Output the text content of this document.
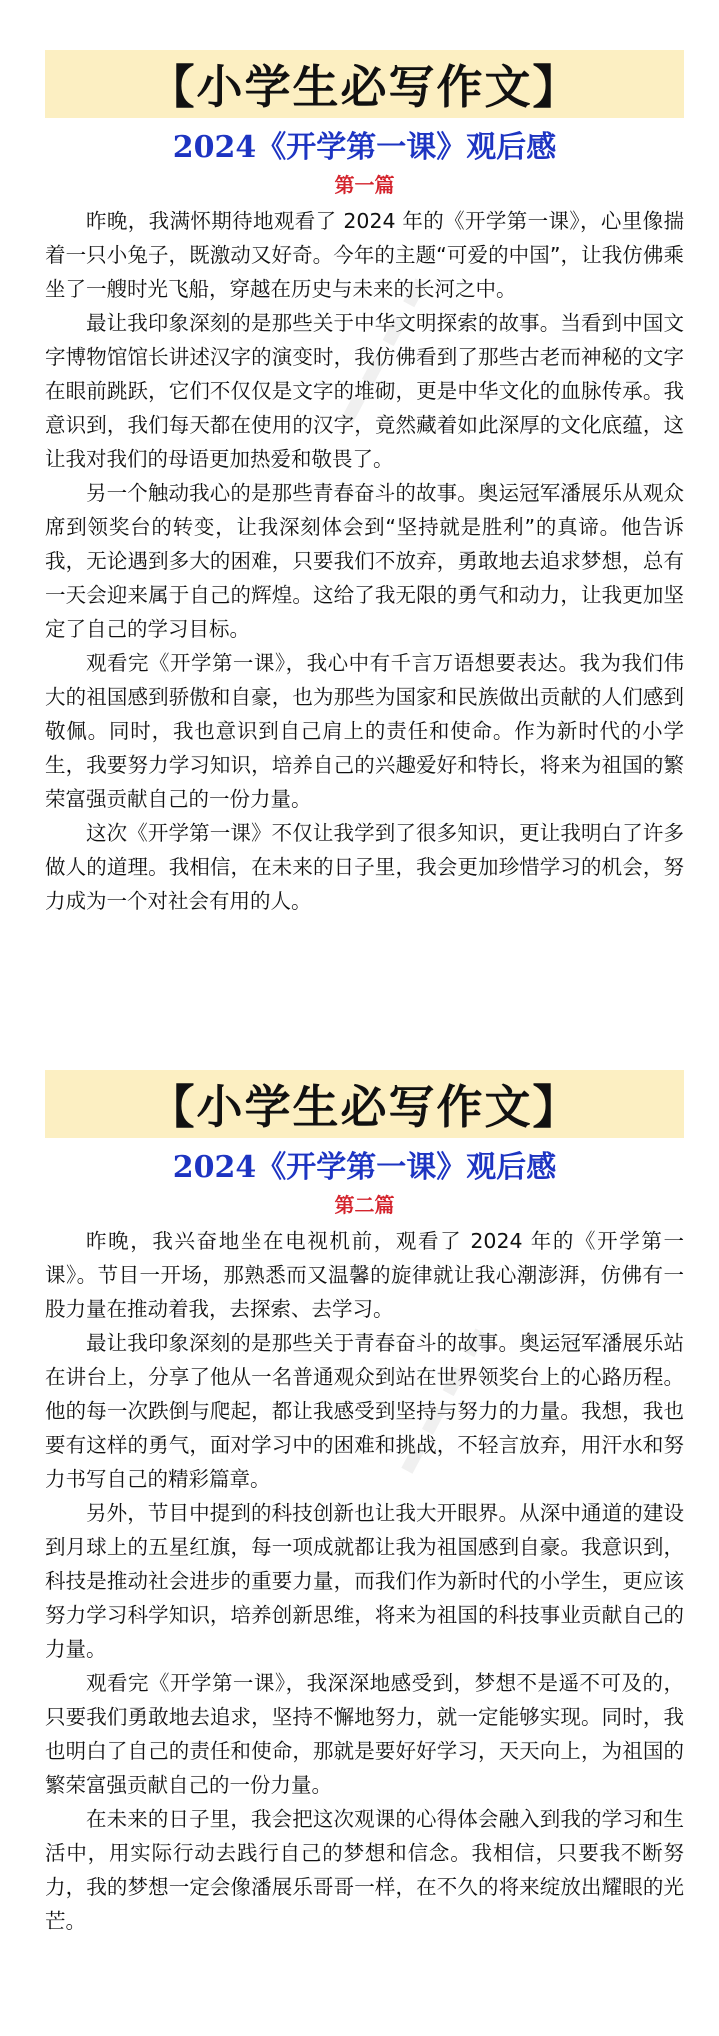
▬ ▬ ▬ ▬
▬ ▬ ▬ ▬
【小学生必写作文】
2024《开学第一课》观后感
第一篇

昨晚，我满怀期待地观看了 2024 年的《开学第一课》，心里像揣着一只小兔子，既激动又好奇。今年的主题“可爱的中国”，让我仿佛乘坐了一艘时光飞船，穿越在历史与未来的长河之中。

最让我印象深刻的是那些关于中华文明探索的故事。当看到中国文字博物馆馆长讲述汉字的演变时，我仿佛看到了那些古老而神秘的文字在眼前跳跃，它们不仅仅是文字的堆砌，更是中华文化的血脉传承。我意识到，我们每天都在使用的汉字，竟然藏着如此深厚的文化底蕴，这让我对我们的母语更加热爱和敬畏了。

另一个触动我心的是那些青春奋斗的故事。奥运冠军潘展乐从观众席到领奖台的转变，让我深刻体会到“坚持就是胜利”的真谛。他告诉我，无论遇到多大的困难，只要我们不放弃，勇敢地去追求梦想，总有一天会迎来属于自己的辉煌。这给了我无限的勇气和动力，让我更加坚定了自己的学习目标。

观看完《开学第一课》，我心中有千言万语想要表达。我为我们伟大的祖国感到骄傲和自豪，也为那些为国家和民族做出贡献的人们感到敬佩。同时，我也意识到自己肩上的责任和使命。作为新时代的小学生，我要努力学习知识，培养自己的兴趣爱好和特长，将来为祖国的繁荣富强贡献自己的一份力量。

这次《开学第一课》不仅让我学到了很多知识，更让我明白了许多做人的道理。我相信，在未来的日子里，我会更加珍惜学习的机会，努力成为一个对社会有用的人。

【小学生必写作文】
2024《开学第一课》观后感
第二篇

昨晚，我兴奋地坐在电视机前，观看了 2024 年的《开学第一课》。节目一开场，那熟悉而又温馨的旋律就让我心潮澎湃，仿佛有一股力量在推动着我，去探索、去学习。

最让我印象深刻的是那些关于青春奋斗的故事。奥运冠军潘展乐站在讲台上，分享了他从一名普通观众到站在世界领奖台上的心路历程。他的每一次跌倒与爬起，都让我感受到坚持与努力的力量。我想，我也要有这样的勇气，面对学习中的困难和挑战，不轻言放弃，用汗水和努力书写自己的精彩篇章。

另外，节目中提到的科技创新也让我大开眼界。从深中通道的建设到月球上的五星红旗，每一项成就都让我为祖国感到自豪。我意识到，科技是推动社会进步的重要力量，而我们作为新时代的小学生，更应该努力学习科学知识，培养创新思维，将来为祖国的科技事业贡献自己的力量。

观看完《开学第一课》，我深深地感受到，梦想不是遥不可及的，只要我们勇敢地去追求，坚持不懈地努力，就一定能够实现。同时，我也明白了自己的责任和使命，那就是要好好学习，天天向上，为祖国的繁荣富强贡献自己的一份力量。

在未来的日子里，我会把这次观课的心得体会融入到我的学习和生活中，用实际行动去践行自己的梦想和信念。我相信，只要我不断努力，我的梦想一定会像潘展乐哥哥一样，在不久的将来绽放出耀眼的光芒。
